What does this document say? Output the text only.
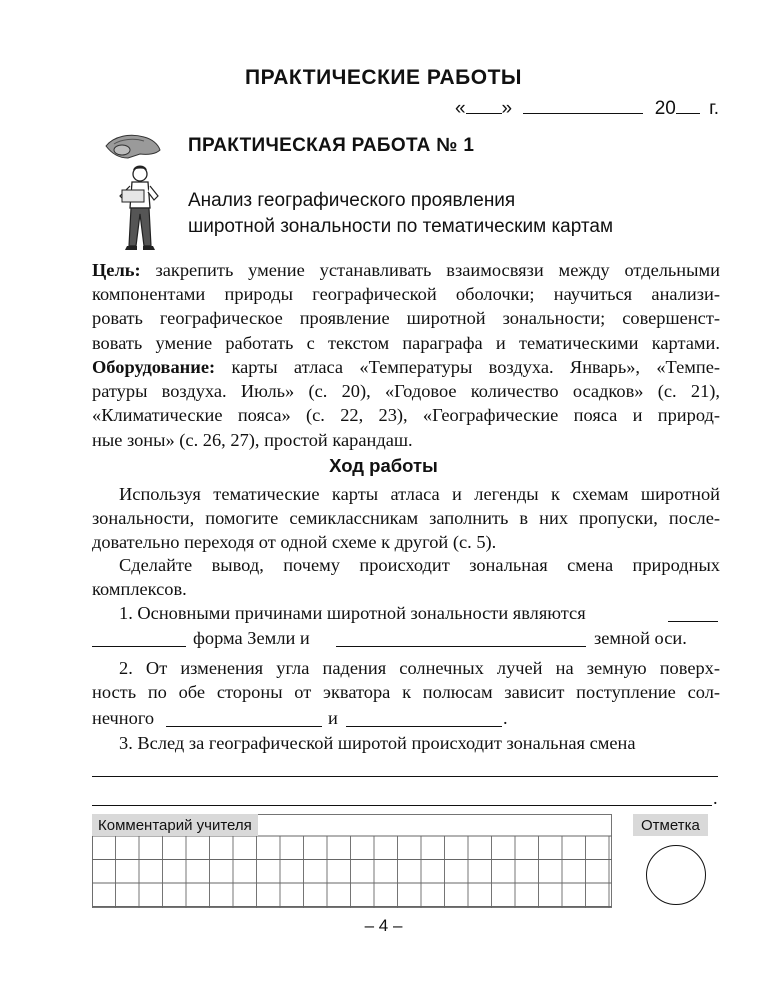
ПРАКТИЧЕСКИЕ РАБОТЫ
« »	20 г.
ПРАКТИЧЕСКАЯ РАБОТА № 1
Анализ географического проявления
широтной зональности по тематическим картам
Цель: закрепить умение устанавливать взаимосвязи между отдельными
компонентами природы географической оболочки; научиться анализи-
ровать географическое проявление широтной зональности; совершенст-
вовать умение работать с текстом параграфа и тематическими картами.
Оборудование: карты атласа «Температуры воздуха. Январь», «Темпе-
ратуры воздуха. Июль» (с. 20), «Годовое количество осадков» (с. 21),
«Климатические пояса» (с. 22, 23), «Географические пояса и природ-
ные зоны» (с. 26, 27), простой карандаш.
Ход работы
Используя тематические карты атласа и легенды к схемам широтной
зональности, помогите семиклассникам заполнить в них пропуски, после-
довательно переходя от одной схеме к другой (с. 5).
Сделайте вывод, почему происходит зональная смена природных
комплексов.
1. Основными причинами широтной зональности являются
форма Земли и	земной оси.
2. От изменения угла падения солнечных лучей на земную поверх-
ность по обе стороны от экватора к полюсам зависит поступление сол-
нечного	и	.
3. Вслед за географической широтой происходит зональная смена
.
Комментарий учителя	Отметка
– 4 –
